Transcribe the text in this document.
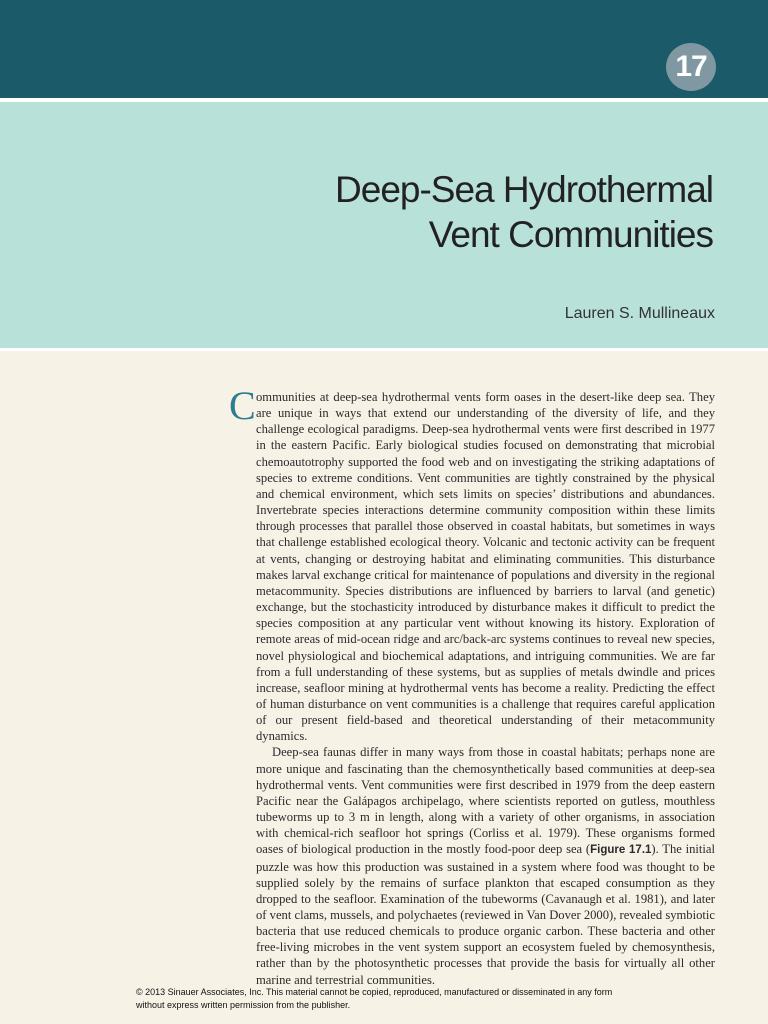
17
Deep-Sea Hydrothermal
Vent Communities
Lauren S. Mullineaux
C ommunities at deep-sea hydrothermal vents form oases in the desert-like deep sea. They are unique in ways that extend our understanding of the diversity of life, and they challenge ecological paradigms. Deep-sea hydrothermal vents were first described in 1977 in the eastern Pacific. Early biological studies focused on demonstrating that microbial chemoautotrophy supported the food web and on investigating the striking adaptations of species to extreme conditions. Vent communities are tightly constrained by the physical and chemical environment, which sets limits on species’ distributions and abundances. Invertebrate species interactions determine community composition within these limits through processes that parallel those observed in coastal habitats, but sometimes in ways that challenge established ecological theory. Volcanic and tectonic activity can be frequent at vents, changing or destroying habitat and eliminating communities. This disturbance makes larval exchange critical for maintenance of populations and diversity in the regional metacommunity. Species distributions are influenced by barriers to larval (and genetic) exchange, but the stochasticity introduced by disturbance makes it difficult to predict the species composition at any particular vent without knowing its history. Exploration of remote areas of mid-ocean ridge and arc/back-arc systems continues to reveal new species, novel physiological and biochemical adaptations, and intriguing communities. We are far from a full understanding of these systems, but as supplies of metals dwindle and prices increase, seafloor mining at hydrothermal vents has become a reality. Predicting the effect of human disturbance on vent communities is a challenge that requires careful application of our present field-based and theoretical understanding of their metacommunity dynamics.

Deep-sea faunas differ in many ways from those in coastal habitats; perhaps none are more unique and fascinating than the chemosynthetically based communities at deep-sea hydrothermal vents. Vent communities were first described in 1979 from the deep eastern Pacific near the Galápagos archipelago, where scientists reported on gutless, mouthless tubeworms up to 3 m in length, along with a variety of other organisms, in association with chemical-rich seafloor hot springs (Corliss et al. 1979). These organisms formed oases of biological production in the mostly food-poor deep sea (Figure 17.1). The initial puzzle was how this production was sustained in a system where food was thought to be supplied solely by the remains of surface plankton that escaped consumption as they dropped to the seafloor. Examination of the tubeworms (Cavanaugh et al. 1981), and later of vent clams, mussels, and polychaetes (reviewed in Van Dover 2000), revealed symbiotic bacteria that use reduced chemicals to produce organic carbon. These bacteria and other free-living microbes in the vent system support an ecosystem fueled by chemosynthesis, rather than by the photosynthetic processes that provide the basis for virtually all other marine and terrestrial communities.

© 2013 Sinauer Associates, Inc. This material cannot be copied, reproduced, manufactured or disseminated in any form
without express written permission from the publisher.
